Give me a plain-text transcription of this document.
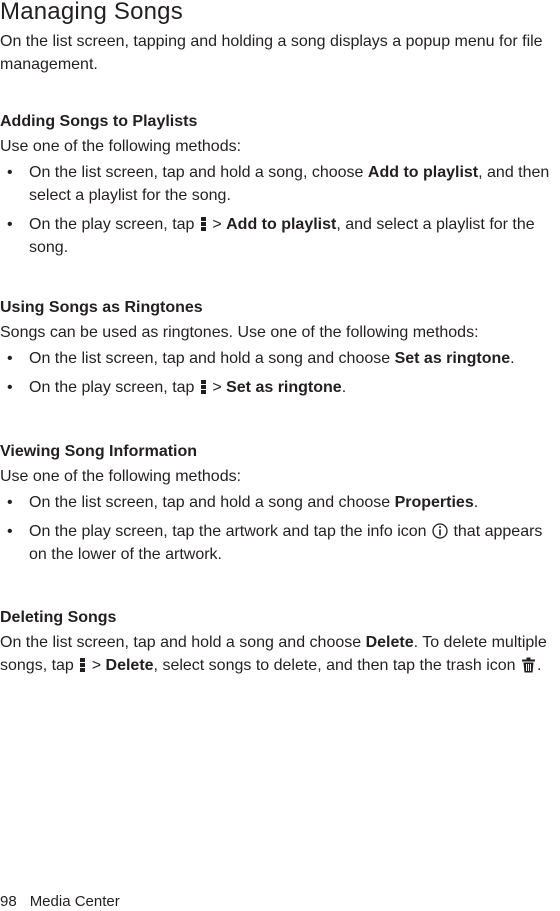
Managing Songs

On the list screen, tapping and holding a song displays a popup menu for file management.

Adding Songs to Playlists

Use one of the following methods:

• On the list screen, tap and hold a song, choose Add to playlist, and then select a playlist for the song.
• On the play screen, tap  > Add to playlist, and select a playlist for the song.
Using Songs as Ringtones

Songs can be used as ringtones. Use one of the following methods:

• On the list screen, tap and hold a song and choose Set as ringtone.
• On the play screen, tap  > Set as ringtone.
Viewing Song Information

Use one of the following methods:

• On the list screen, tap and hold a song and choose Properties.
• On the play screen, tap the artwork and tap the info icon  that appears on the lower of the artwork.
Deleting Songs

On the list screen, tap and hold a song and choose Delete. To delete multiple songs, tap  > Delete, select songs to delete, and then tap the trash icon .

98 Media Center
